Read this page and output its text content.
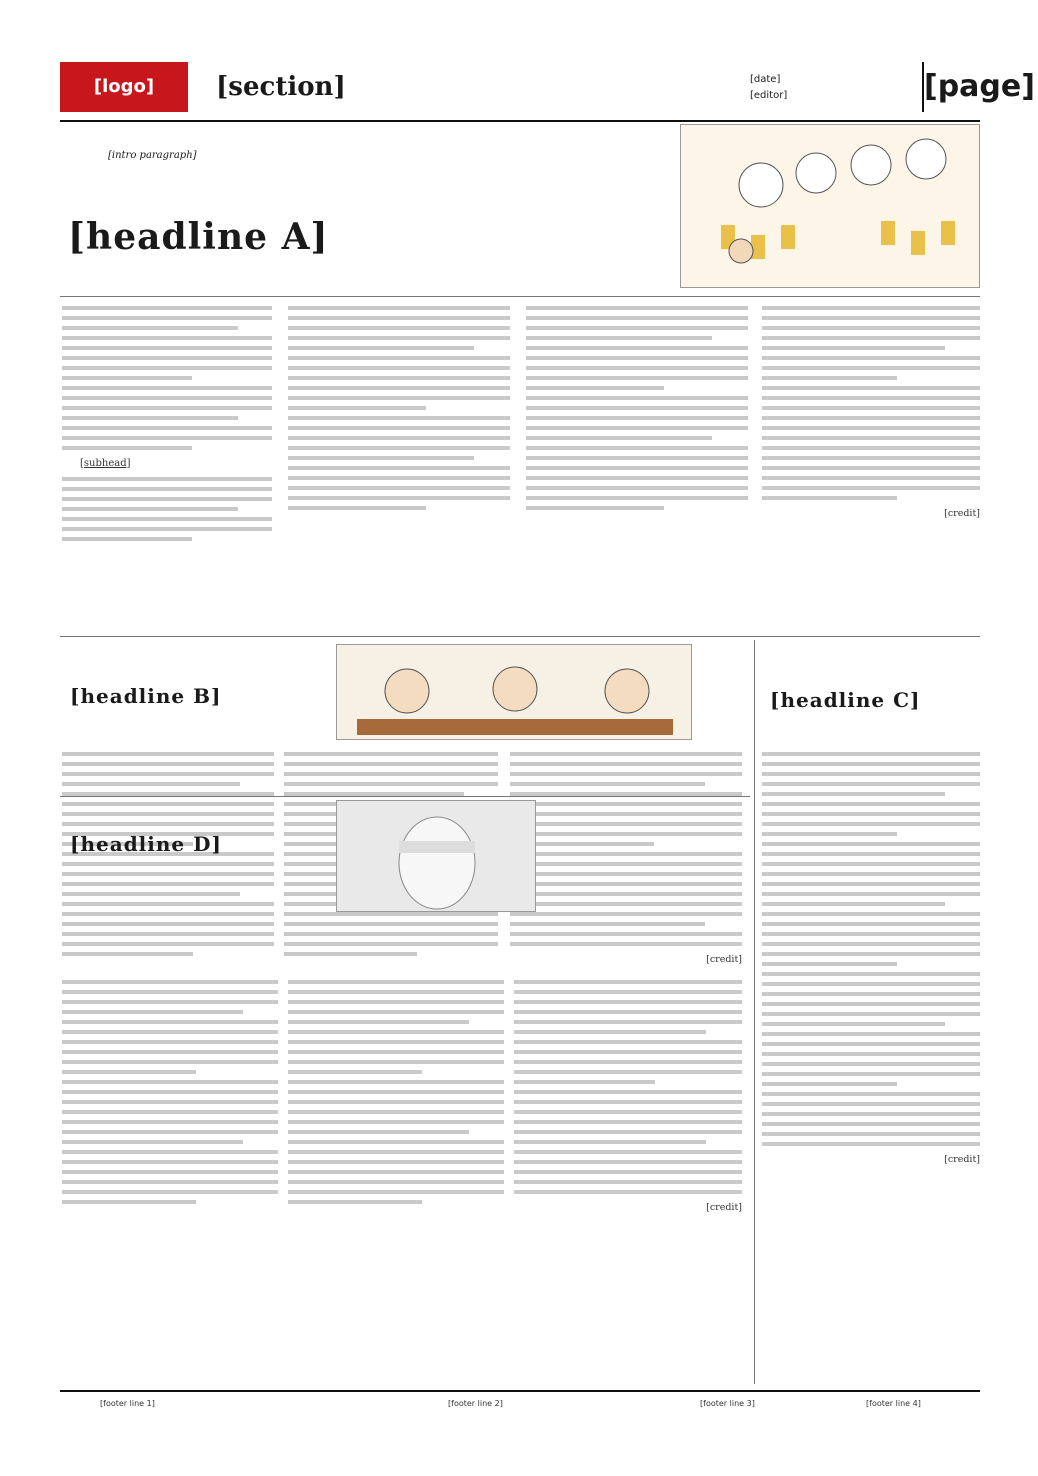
[logo]	[section]	[date]
[editor]	[page]
[intro paragraph]
[headline A]
[subhead]
[credit]
[headline B]	[headline C]
[credit]
[credit]
[headline D]
[credit]
[footer line 1]	[footer line 2]	[footer line 3]	[footer line 4]
